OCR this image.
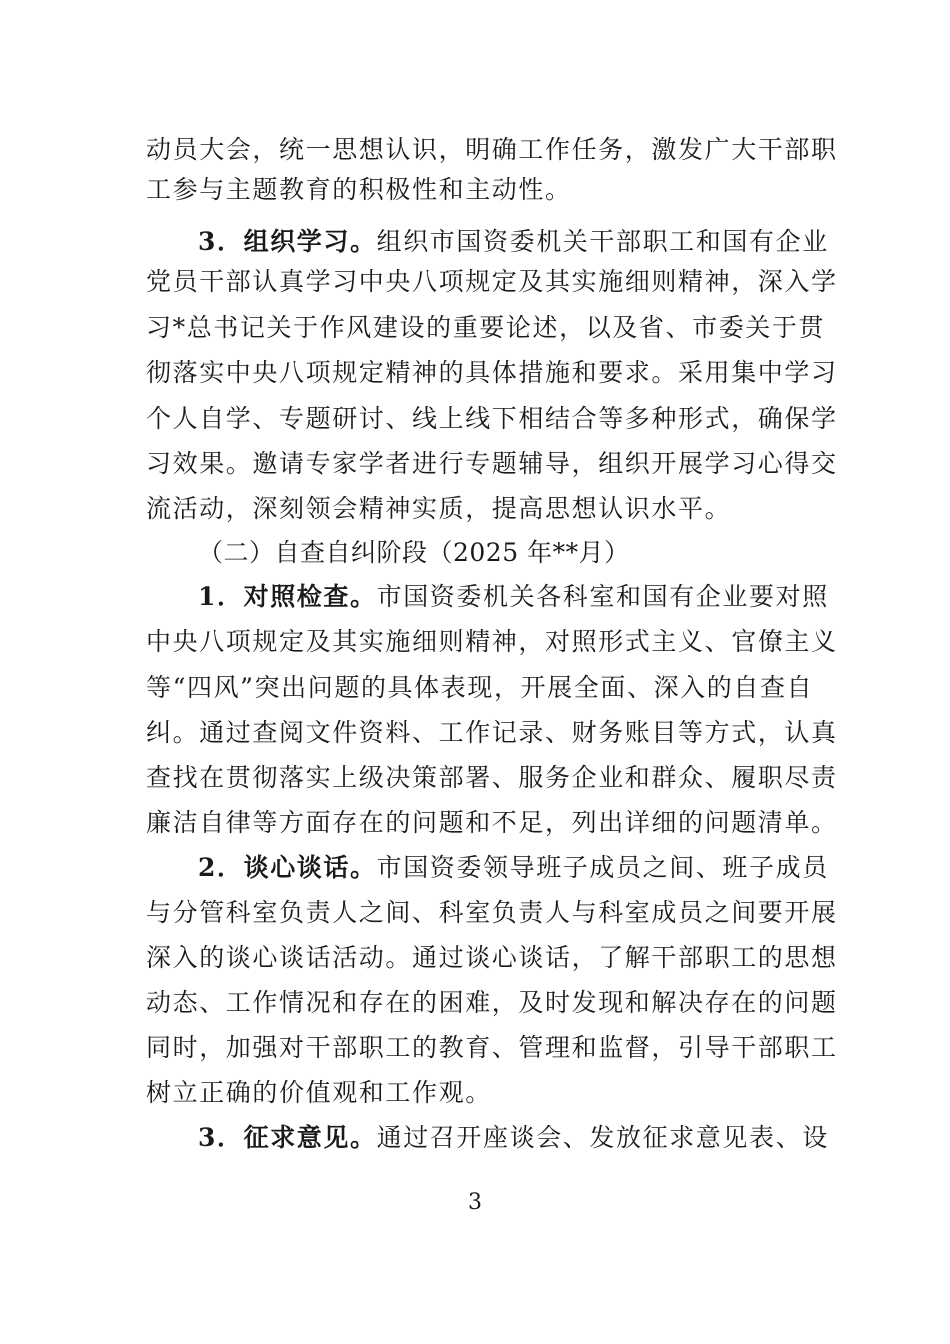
动员大会，统一思想认识，明确工作任务，激发广大干部职
工参与主题教育的积极性和主动性。
3．组织学习。组织市国资委机关干部职工和国有企业
党员干部认真学习中央八项规定及其实施细则精神，深入学
习*总书记关于作风建设的重要论述，以及省、市委关于贯
彻落实中央八项规定精神的具体措施和要求。采用集中学习
个人自学、专题研讨、线上线下相结合等多种形式，确保学
习效果。邀请专家学者进行专题辅导，组织开展学习心得交
流活动，深刻领会精神实质，提高思想认识水平。
（二）自查自纠阶段（2025 年**月）
1．对照检查。市国资委机关各科室和国有企业要对照
中央八项规定及其实施细则精神，对照形式主义、官僚主义
等“四风”突出问题的具体表现，开展全面、深入的自查自
纠。通过查阅文件资料、工作记录、财务账目等方式，认真
查找在贯彻落实上级决策部署、服务企业和群众、履职尽责
廉洁自律等方面存在的问题和不足，列出详细的问题清单。
2．谈心谈话。市国资委领导班子成员之间、班子成员
与分管科室负责人之间、科室负责人与科室成员之间要开展
深入的谈心谈话活动。通过谈心谈话，了解干部职工的思想
动态、工作情况和存在的困难，及时发现和解决存在的问题
同时，加强对干部职工的教育、管理和监督，引导干部职工
树立正确的价值观和工作观。
3．征求意见。通过召开座谈会、发放征求意见表、设
3
